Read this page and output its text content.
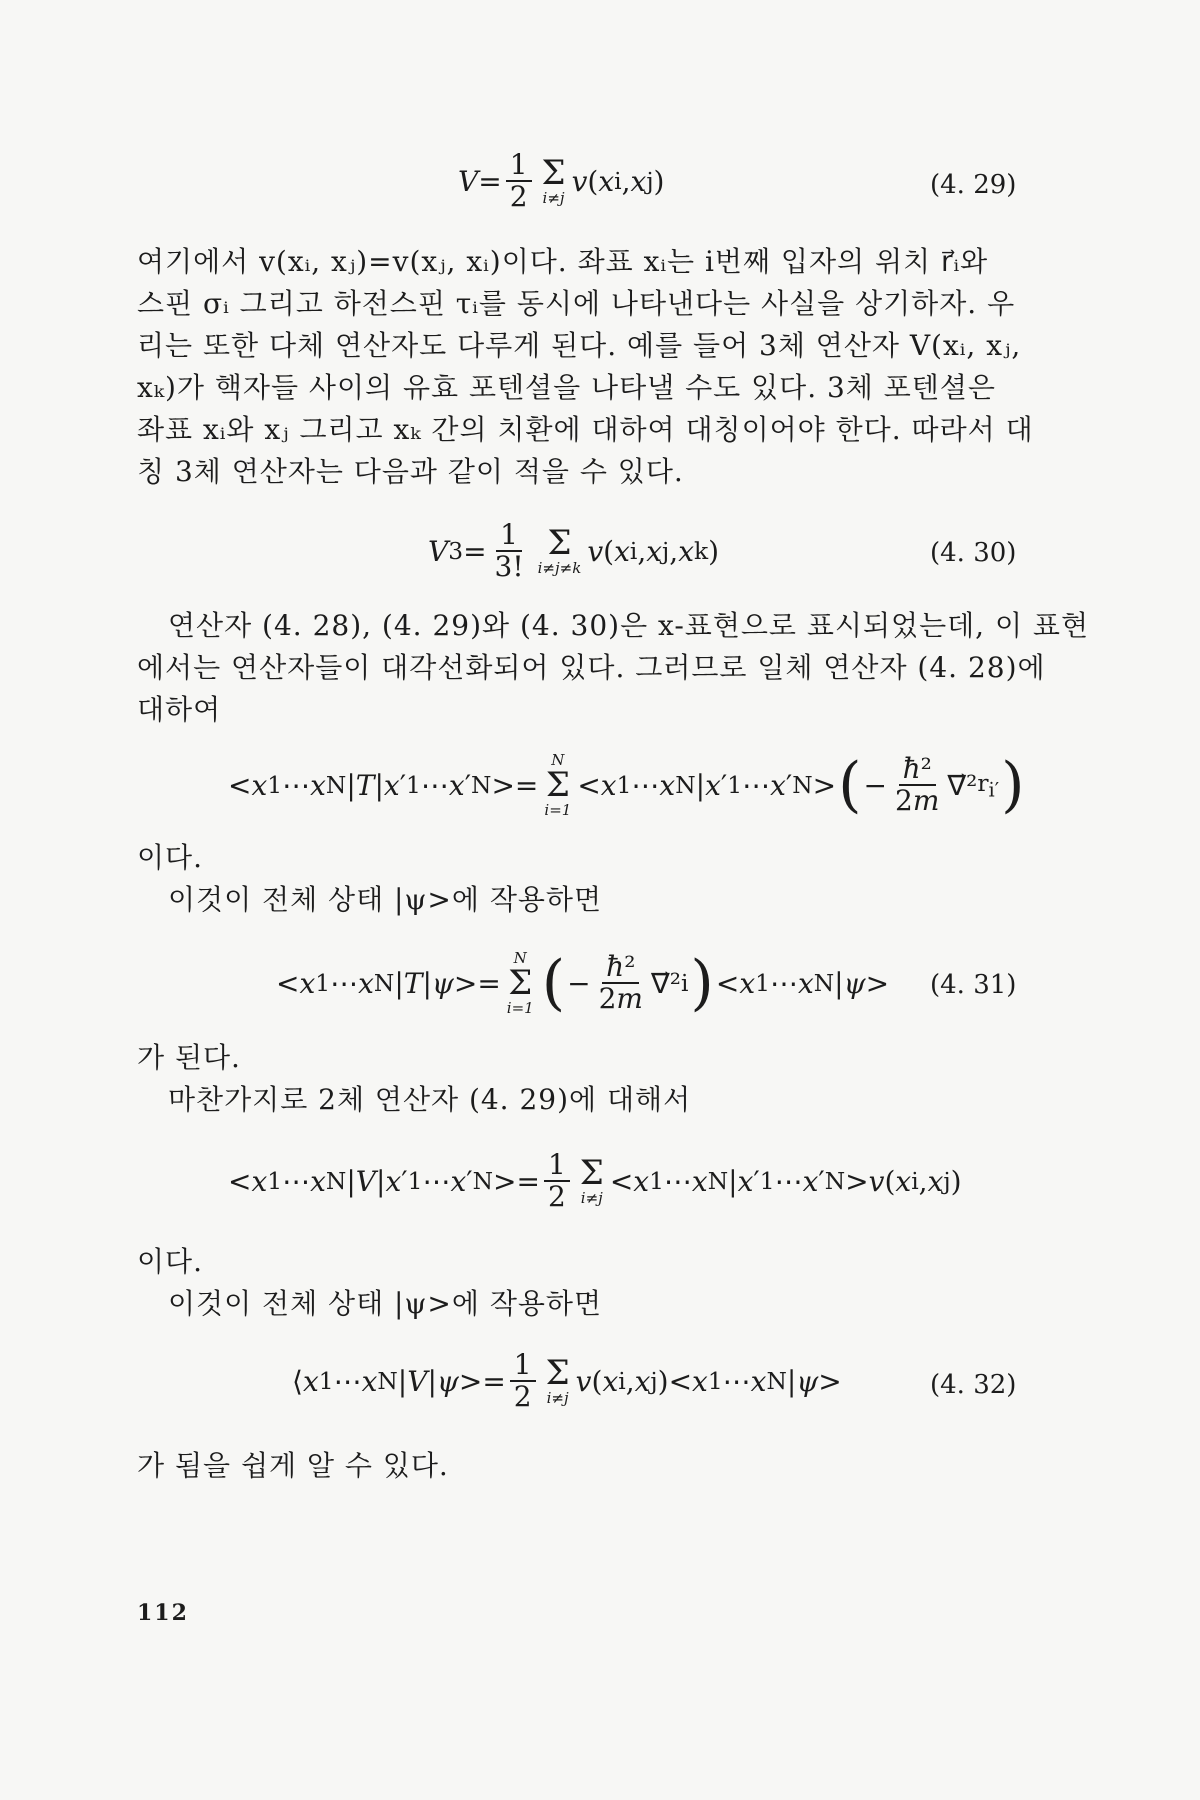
$V = \frac{1}{2}$ Σ
i≠j
v ( x i , x j )	(4. 29)
여기에서 v(xᵢ, xⱼ)=v(xⱼ, xᵢ)이다. 좌표 xᵢ는 i번째 입자의 위치 r⃗ᵢ와
스핀 σᵢ 그리고 하전스핀 τᵢ를 동시에 나타낸다는 사실을 상기하자. 우
리는 또한 다체 연산자도 다루게 된다. 예를 들어 3체 연산자 V(xᵢ, xⱼ,
xₖ)가 핵자들 사이의 유효 포텐셜을 나타낼 수도 있다. 3체 포텐셜은
좌표 xᵢ와 xⱼ 그리고 xₖ 간의 치환에 대하여 대칭이어야 한다. 따라서 대
칭 3체 연산자는 다음과 같이 적을 수 있다.
V $3 = \frac{1}{3!}$ Σ
i≠j≠k
v ( x i , x j , x k )	(4. 30)
연산자 (4. 28), (4. 29)와 (4. 30)은 x-표현으로 표시되었는데, 이 표현
에서는 연산자들이 대각선화되어 있다. 그러므로 일체 연산자 (4. 28)에
대하여
< x 1 ⋯ x N | T | x ′ 1 ⋯ x ′ N >=
N
Σ
i=1
< x 1 ⋯ x N | x ′ 1 ⋯ x ′ N > ( − $\frac{\text{ħ²}}{2m}$ ∇⃗² $r_{i'}$ )
이다.
이것이 전체 상태 |ψ>에 작용하면
< x 1 ⋯ x N | T | ψ >=
N
Σ
i=1 ( − $\frac{\text{ħ²}}{2m}$ ∇⃗² i ) < x 1 ⋯ x N | ψ > (4. 31)
가 된다.
마찬가지로 2체 연산자 (4. 29)에 대해서
< x 1 ⋯ x N | V | x ′ 1 ⋯ x ′ $N >= \frac{1}{2}$ Σ
i≠j
< x 1 ⋯ x N | x ′ 1 ⋯ x ′ N > v ( x i , x j )
이다.
이것이 전체 상태 |ψ>에 작용하면
⟨ x 1 ⋯ x N | V | $\psi >= \frac{1}{2}$ Σ
i≠j
v ( x i , x j )< x 1 ⋯ x N | ψ >	(4. 32)
가 됨을 쉽게 알 수 있다.
112
